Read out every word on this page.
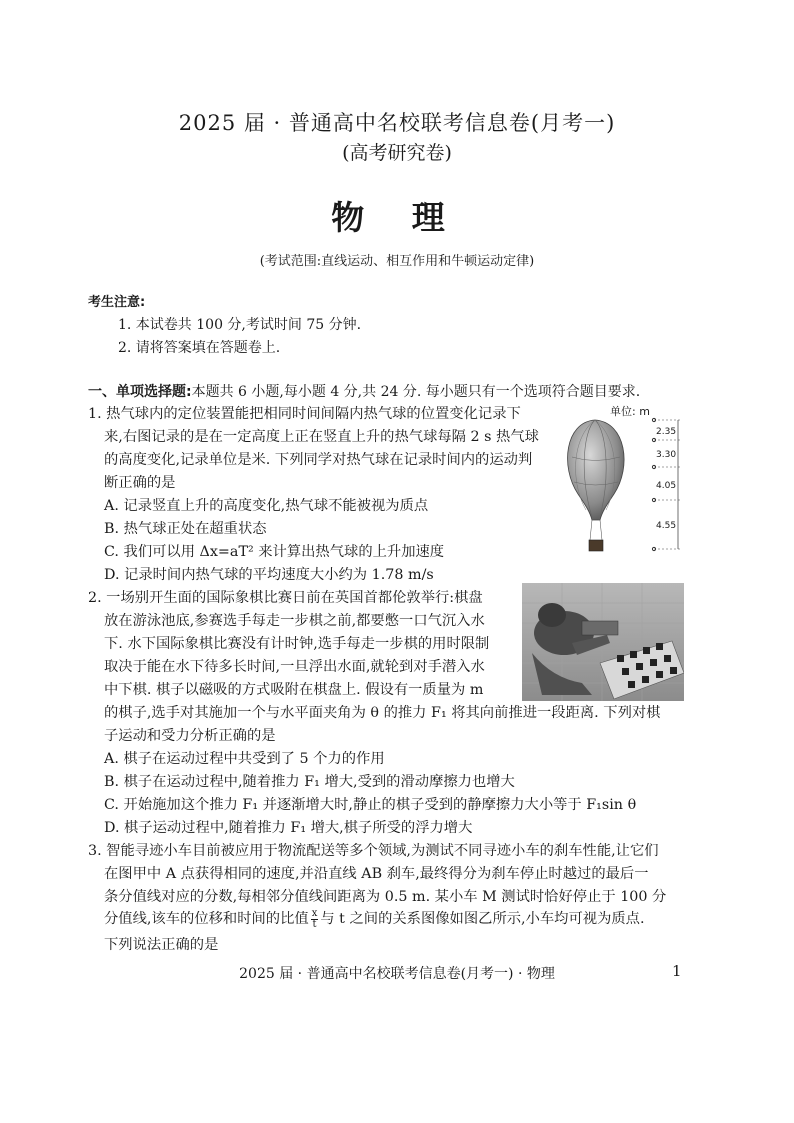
2025 届 · 普通高中名校联考信息卷(月考一)
(高考研究卷)
物 理
(考试范围:直线运动、相互作用和牛顿运动定律)
考生注意:
1. 本试卷共 100 分,考试时间 75 分钟.
2. 请将答案填在答题卷上.
一、单项选择题:本题共 6 小题,每小题 4 分,共 24 分. 每小题只有一个选项符合题目要求.
1. 热气球内的定位装置能把相同时间间隔内热气球的位置变化记录下
来,右图记录的是在一定高度上正在竖直上升的热气球每隔 2 s 热气球
的高度变化,记录单位是米. 下列同学对热气球在记录时间内的运动判
断正确的是
A. 记录竖直上升的高度变化,热气球不能被视为质点
B. 热气球正处在超重状态
C. 我们可以用 Δx=aT² 来计算出热气球的上升加速度
D. 记录时间内热气球的平均速度大小约为 1.78 m/s
单位: m
2.35
3.30
4.05
4.55
2. 一场别开生面的国际象棋比赛日前在英国首都伦敦举行:棋盘
放在游泳池底,参赛选手每走一步棋之前,都要憋一口气沉入水
下. 水下国际象棋比赛没有计时钟,选手每走一步棋的用时限制
取决于能在水下待多长时间,一旦浮出水面,就轮到对手潜入水
中下棋. 棋子以磁吸的方式吸附在棋盘上. 假设有一质量为 m
的棋子,选手对其施加一个与水平面夹角为 θ 的推力 F₁ 将其向前推进一段距离. 下列对棋
子运动和受力分析正确的是
A. 棋子在运动过程中共受到了 5 个力的作用
B. 棋子在运动过程中,随着推力 F₁ 增大,受到的滑动摩擦力也增大
C. 开始施加这个推力 F₁ 并逐渐增大时,静止的棋子受到的静摩擦力大小等于 F₁sin θ
D. 棋子运动过程中,随着推力 F₁ 增大,棋子所受的浮力增大
3. 智能寻迹小车目前被应用于物流配送等多个领域,为测试不同寻迹小车的刹车性能,让它们
在图甲中 A 点获得相同的速度,并沿直线 AB 刹车,最终得分为刹车停止时越过的最后一
条分值线对应的分数,每相邻分值线间距离为 0.5 m. 某小车 M 测试时恰好停止于 100 分
分值线,该车的位移和时间的比值 $\frac{x}{t}$ 与 t 之间的关系图像如图乙所示,小车均可视为质点.
下列说法正确的是
2025 届 · 普通高中名校联考信息卷(月考一) · 物理	1
